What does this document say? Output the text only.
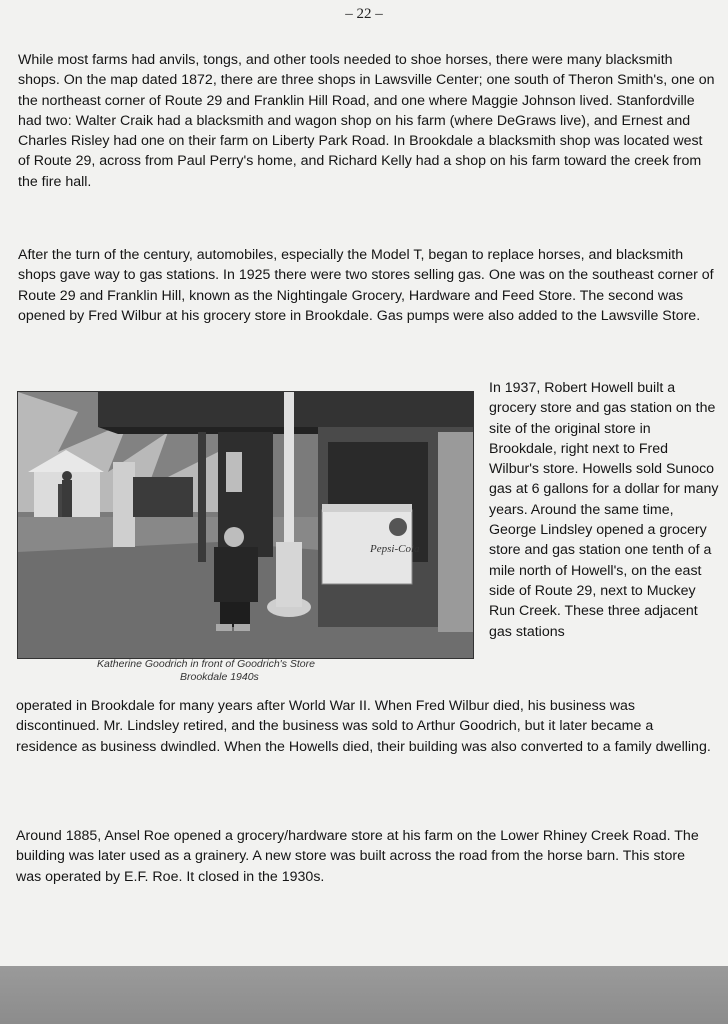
– 22 –

While most farms had anvils, tongs, and other tools needed to shoe horses, there were many blacksmith shops. On the map dated 1872, there are three shops in Lawsville Center; one south of Theron Smith's, one on the northeast corner of Route 29 and Franklin Hill Road, and one where Maggie Johnson lived. Stanfordville had two: Walter Craik had a blacksmith and wagon shop on his farm (where DeGraws live), and Ernest and Charles Risley had one on their farm on Liberty Park Road. In Brookdale a blacksmith shop was located west of Route 29, across from Paul Perry's home, and Richard Kelly had a shop on his farm toward the creek from the fire hall.

After the turn of the century, automobiles, especially the Model T, began to replace horses, and blacksmith shops gave way to gas stations. In 1925 there were two stores selling gas. One was on the southeast corner of Route 29 and Franklin Hill, known as the Nightingale Grocery, Hardware and Feed Store. The second was opened by Fred Wilbur at his grocery store in Brookdale. Gas pumps were also added to the Lawsville Store.

Pepsi-Cola
Katherine Goodrich in front of Goodrich's Store
Brookdale 1940s

In 1937, Robert Howell built a grocery store and gas station on the site of the original store in Brookdale, right next to Fred Wilbur's store. Howells sold Sunoco gas at 6 gallons for a dollar for many years. Around the same time, George Lindsley opened a grocery store and gas station one tenth of a mile north of Howell's, on the east side of Route 29, next to Muckey Run Creek. These three adjacent gas stations

operated in Brookdale for many years after World War II. When Fred Wilbur died, his business was discontinued. Mr. Lindsley retired, and the business was sold to Arthur Goodrich, but it later became a residence as business dwindled. When the Howells died, their building was also converted to a family dwelling.

Around 1885, Ansel Roe opened a grocery/hardware store at his farm on the Lower Rhiney Creek Road. The building was later used as a grainery. A new store was built across the road from the horse barn. This store was operated by E.F. Roe. It closed in the 1930s.
